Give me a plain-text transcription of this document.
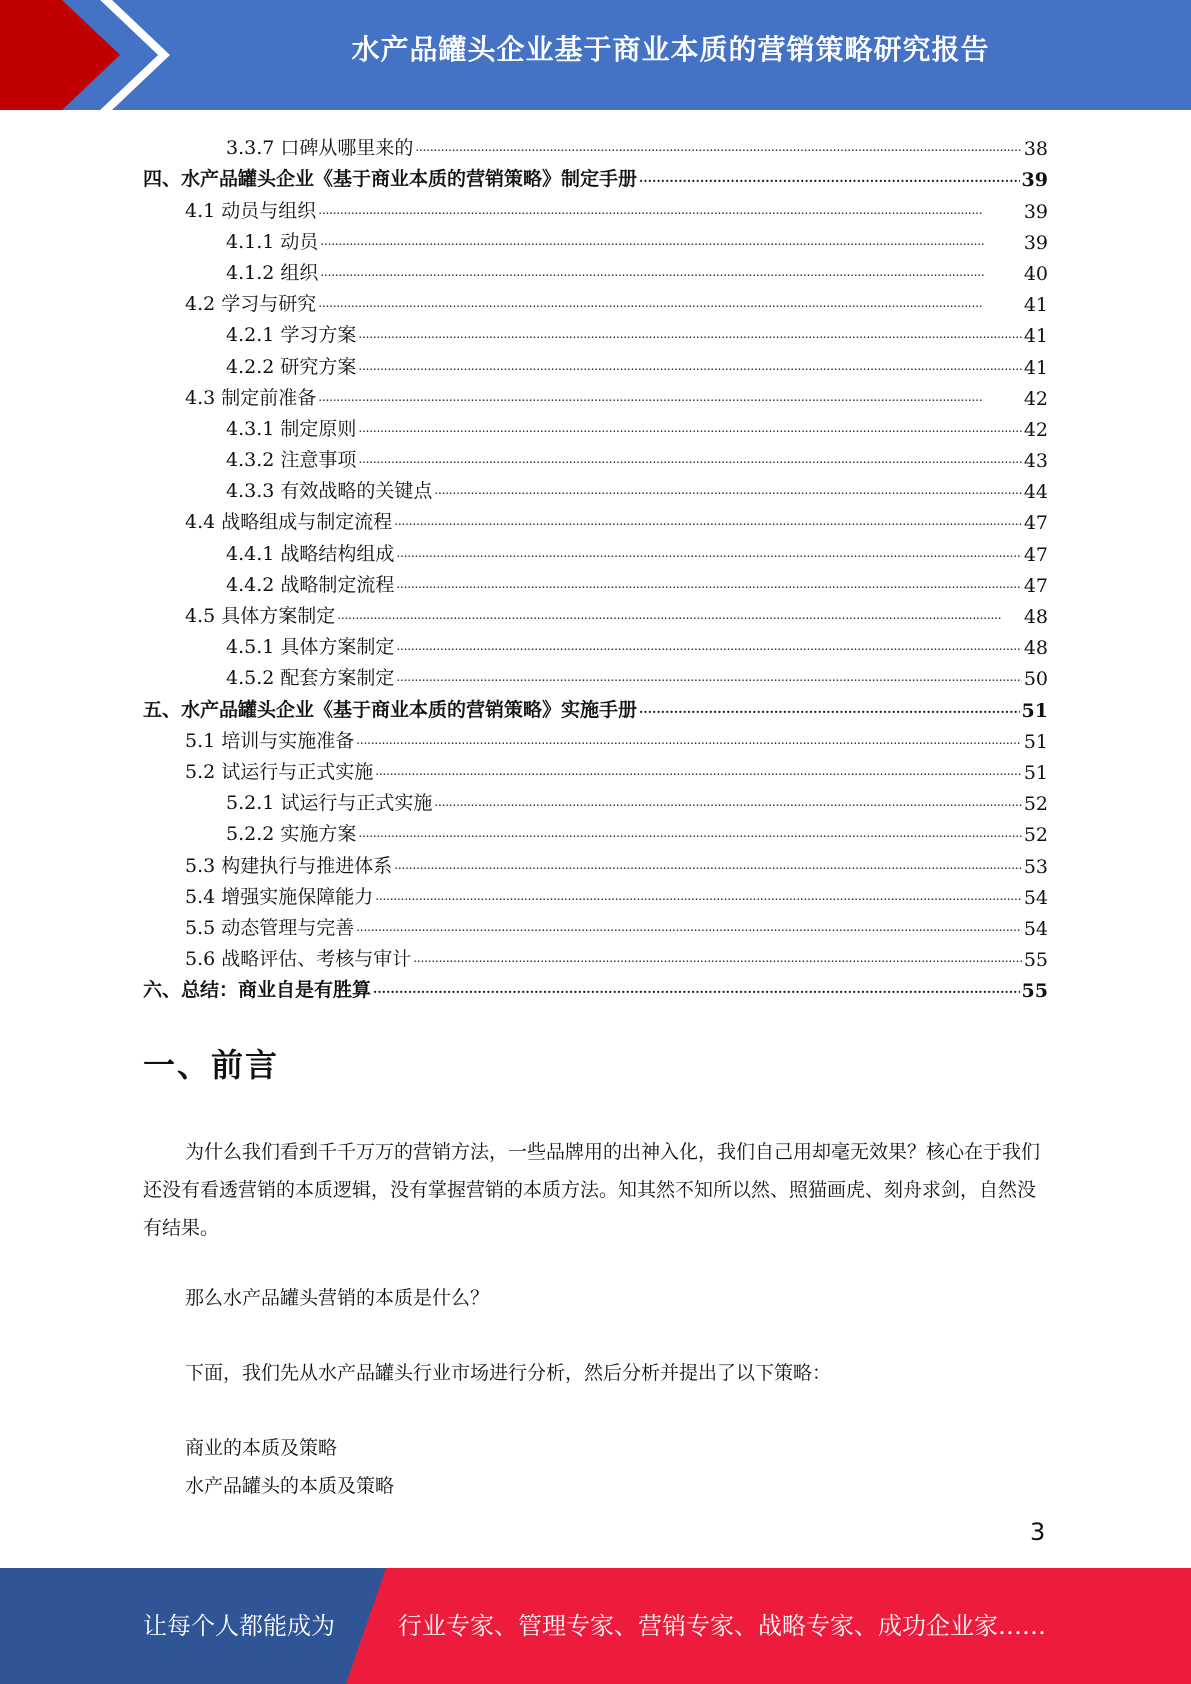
水产品罐头企业基于商业本质的营销策略研究报告
3.3.7 口碑从哪里来的 . . .	38
四、水产品罐头企业《基于商业本质的营销策略》制定手册 . . .	39
4.1 动员与组织 . . .	39
4.1.1 动员 . . .	39
4.1.2 组织 . . .	40
4.2 学习与研究 . . .	41
4.2.1 学习方案 . . .	41
4.2.2 研究方案 . . .	41
4.3 制定前准备 . . .	42
4.3.1 制定原则 . . .	42
4.3.2 注意事项 . . .	43
4.3.3 有效战略的关键点 . . .	44
4.4 战略组成与制定流程 . . .	47
4.4.1 战略结构组成 . . .	47
4.4.2 战略制定流程 . . .	47
4.5 具体方案制定 . . .	48
4.5.1 具体方案制定 . . .	48
4.5.2 配套方案制定 . . .	50
五、水产品罐头企业《基于商业本质的营销策略》实施手册 . . .	51
5.1 培训与实施准备 . . .	51
5.2 试运行与正式实施 . . .	51
5.2.1 试运行与正式实施 . . .	52
5.2.2 实施方案 . . .	52
5.3 构建执行与推进体系 . . .	53
5.4 增强实施保障能力 . . .	54
5.5 动态管理与完善 . . .	54
5.6 战略评估、考核与审计 . . .	55
六、总结：商业自是有胜算 . . .	55
一、前言
为什么我们看到千千万万的营销方法，一些品牌用的出神入化，我们自己用却毫无效果？核心在于我们还没有看透营销的本质逻辑，没有掌握营销的本质方法。知其然不知所以然、照猫画虎、刻舟求剑，自然没有结果。
那么水产品罐头营销的本质是什么？
下面，我们先从水产品罐头行业市场进行分析，然后分析并提出了以下策略：
商业的本质及策略
水产品罐头的本质及策略
3
让每个人都能成为	行业专家、管理专家、营销专家、战略专家、成功企业家……
